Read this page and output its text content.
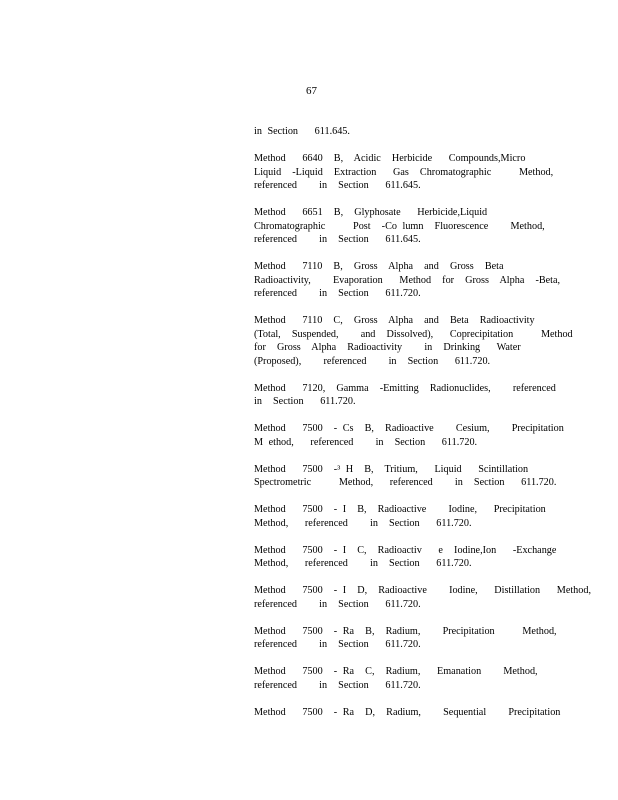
67
in Section   611.645.
Method   6640  B,  Acidic  Herbicide   Compounds,Micro
Liquid  -Liquid  Extraction   Gas  Chromatographic     Method,
referenced    in  Section   611.645.
Method   6651  B,  Glyphosate   Herbicide,Liquid
Chromatographic     Post  -Co lumn  Fluorescence    Method,
referenced    in  Section   611.645.
Method   7110  B,  Gross  Alpha  and  Gross  Beta
Radioactivity,    Evaporation   Method  for  Gross  Alpha  -Beta,
referenced    in  Section   611.720.
Method   7110  C,  Gross  Alpha  and  Beta  Radioactivity
(Total,  Suspended,    and  Dissolved),   Coprecipitation     Method
for  Gross  Alpha  Radioactivity    in  Drinking   Water
(Proposed),    referenced    in  Section   611.720.
Method   7120,  Gamma  -Emitting  Radionuclides,    referenced
in  Section   611.720.
Method   7500  - Cs  B,  Radioactive    Cesium,    Precipitation
M ethod,   referenced    in  Section   611.720.
Method   7500  -³ H  B,  Tritium,   Liquid   Scintillation
Spectrometric     Method,   referenced    in  Section   611.720.
Method   7500  - I  B,  Radioactive    Iodine,   Precipitation
Method,   referenced    in  Section   611.720.
Method   7500  - I  C,  Radioactiv   e  Iodine,Ion   -Exchange
Method,   referenced    in  Section   611.720.
Method   7500  - I  D,  Radioactive    Iodine,   Distillation   Method,
referenced    in  Section   611.720.
Method   7500  - Ra  B,  Radium,    Precipitation     Method,
referenced    in  Section   611.720.
Method   7500  - Ra  C,  Radium,   Emanation    Method,
referenced    in  Section   611.720.
Method   7500  - Ra  D,  Radium,    Sequential    Precipitation
